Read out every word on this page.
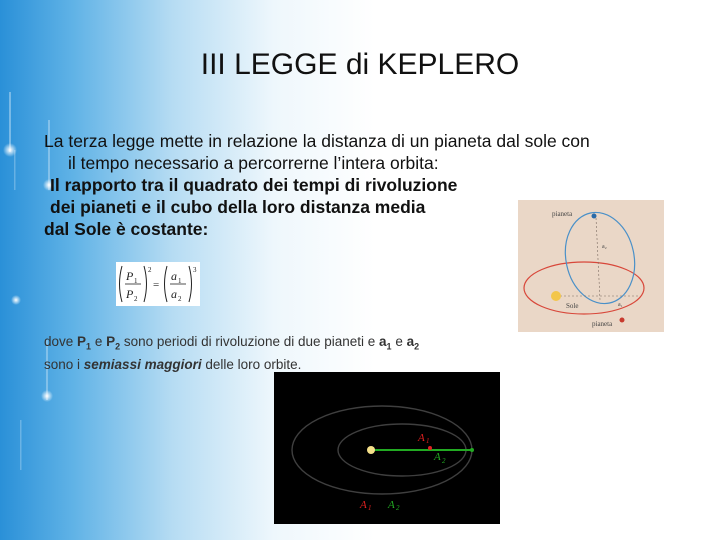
III LEGGE di KEPLERO
La terza legge mette in relazione la distanza di un pianeta dal sole con
il tempo necessario a percorrerne l’intera orbita:
Il rapporto tra il quadrato dei tempi di rivoluzione
dei pianeti e il cubo della loro distanza media
dal Sole è costante:
P 1
P 2
2
=
a 1
a 2
3
pianeta
a₂
Sole	a₁
pianeta
dove $P_1$ e $P_2$ sono periodi di rivoluzione di due pianeti e $a_1$ e $a_2$
sono i semiassi maggiori delle loro orbite.
A 1
A 2
A 1 A 2
